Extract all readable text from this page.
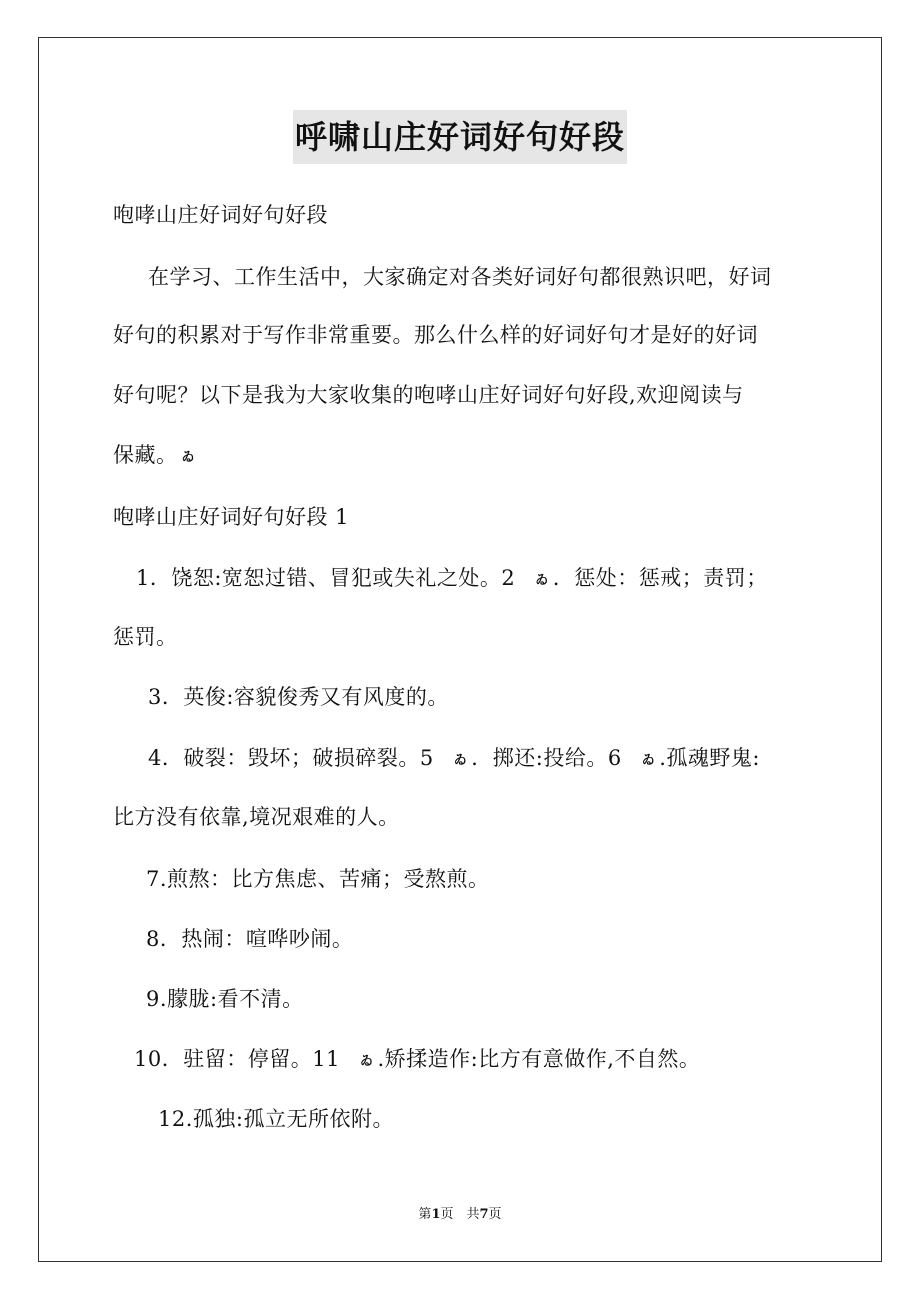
呼啸山庄好词好句好段
咆哮山庄好词好句好段
在学习、工作生活中，大家确定对各类好词好句都很熟识吧，好词
好句的积累对于写作非常重要。那么什么样的好词好句才是好的好词
好句呢？以下是我为大家收集的咆哮山庄好词好句好段,欢迎阅读与
保藏。 ゐ
咆哮山庄好词好句好段 1
1．饶恕:宽恕过错、冒犯或失礼之处。2 ゐ ．惩处：惩戒；责罚；
惩罚。
3．英俊:容貌俊秀又有风度的。
4．破裂：毁坏；破损碎裂。5 ゐ ．掷还:投给。6 ゐ .孤魂野鬼:
比方没有依靠,境况艰难的人。
7.煎熬：比方焦虑、苦痛；受熬煎。
8．热闹：喧哗吵闹。
9.朦胧:看不清。
10．驻留：停留。11 ゐ .矫揉造作:比方有意做作,不自然。
12.孤独:孤立无所依附。
第1页　共7页
